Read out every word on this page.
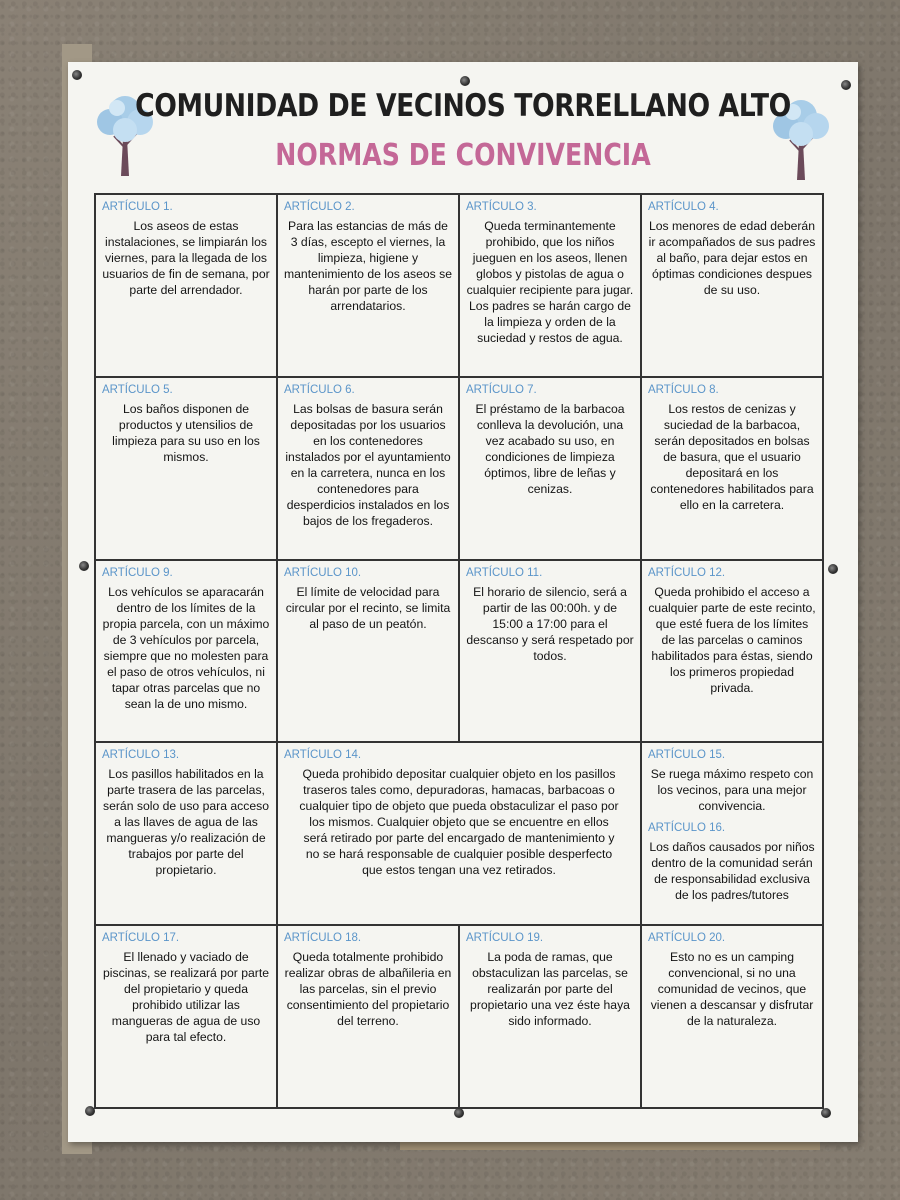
COMUNIDAD DE VECINOS TORRELLANO ALTO
NORMAS DE CONVIVENCIA
ARTÍCULO 1.
Los aseos de estas instalaciones, se limpiarán los viernes, para la llegada de los usuarios de fin de semana, por parte del arrendador.
ARTÍCULO 2.
Para las estancias de más de 3 días, escepto el viernes, la limpieza, higiene y mantenimiento de los aseos se harán por parte de los arrendatarios.
ARTÍCULO 3.
Queda terminantemente prohibido, que los niños jueguen en los aseos, llenen globos y pistolas de agua o cualquier recipiente para jugar. Los padres se harán cargo de la limpieza y orden de la suciedad y restos de agua.
ARTÍCULO 4.
Los menores de edad deberán ir acompañados de sus padres al baño, para dejar estos en óptimas condiciones despues de su uso.
ARTÍCULO 5.
Los baños disponen de productos y utensilios de limpieza para su uso en los mismos.
ARTÍCULO 6.
Las bolsas de basura serán depositadas por los usuarios en los contenedores instalados por el ayuntamiento en la carretera, nunca en los contenedores para desperdicios instalados en los bajos de los fregaderos.
ARTÍCULO 7.
El préstamo de la barbacoa conlleva la devolución, una vez acabado su uso, en condiciones de limpieza óptimos, libre de leñas y cenizas.
ARTÍCULO 8.
Los restos de cenizas y suciedad de la barbacoa, serán depositados en bolsas de basura, que el usuario depositará en los contenedores habilitados para ello en la carretera.
ARTÍCULO 9.
Los vehículos se aparacarán dentro de los límites de la propia parcela, con un máximo de 3 vehículos por parcela, siempre que no molesten para el paso de otros vehículos, ni tapar otras parcelas que no sean la de uno mismo.
ARTÍCULO 10.
El límite de velocidad para circular por el recinto, se limita al paso de un peatón.
ARTÍCULO 11.
El horario de silencio, será a partir de las 00:00h. y de 15:00 a 17:00 para el descanso y será respetado por todos.
ARTÍCULO 12.
Queda prohibido el acceso a cualquier parte de este recinto, que esté fuera de los límites de las parcelas o caminos habilitados para éstas, siendo los primeros propiedad privada.
ARTÍCULO 13.
Los pasillos habilitados en la parte trasera de las parcelas, serán solo de uso para acceso a las llaves de agua de las mangueras y/o realización de trabajos por parte del propietario.
ARTÍCULO 14.
Queda prohibido depositar cualquier objeto en los pasillos traseros tales como, depuradoras, hamacas, barbacoas o cualquier tipo de objeto que pueda obstaculizar el paso por los mismos. Cualquier objeto que se encuentre en ellos será retirado por parte del encargado de mantenimiento y no se hará responsable de cualquier posible desperfecto que estos tengan una vez retirados.
ARTÍCULO 15.
Se ruega máximo respeto con los vecinos, para una mejor convivencia.
ARTÍCULO 16.
Los daños causados por niños dentro de la comunidad serán de responsabilidad exclusiva de los padres/tutores
ARTÍCULO 17.
El llenado y vaciado de piscinas, se realizará por parte del propietario y queda prohibido utilizar las mangueras de agua de uso para tal efecto.
ARTÍCULO 18.
Queda totalmente prohibido realizar obras de albañileria en las parcelas, sin el previo consentimiento del propietario del terreno.
ARTÍCULO 19.
La poda de ramas, que obstaculizan las parcelas, se realizarán por parte del propietario una vez éste haya sido informado.
ARTÍCULO 20.
Esto no es un camping convencional, si no una comunidad de vecinos, que vienen a descansar y disfrutar de la naturaleza.
